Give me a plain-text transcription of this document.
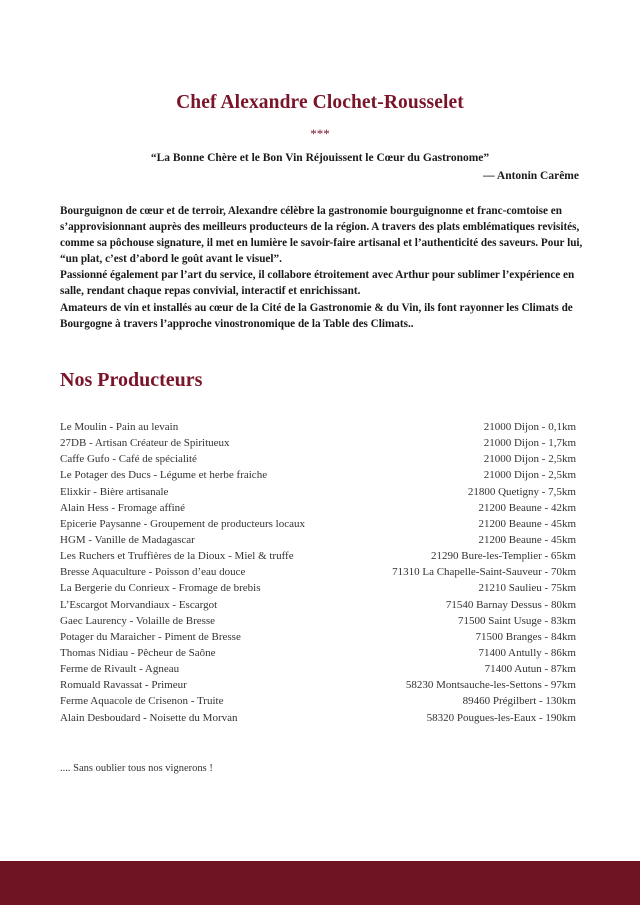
Chef Alexandre Clochet-Rousselet
***
“La Bonne Chère et le Bon Vin Réjouissent le Cœur du Gastronome”
— Antonin Carême

Bourguignon de cœur et de terroir, Alexandre célèbre la gastronomie bourguignonne et franc-comtoise en s’approvisionnant auprès des meilleurs producteurs de la région. A travers des plats emblématiques revisités, comme sa pôchouse signature, il met en lumière le savoir-faire artisanal et l’authenticité des saveurs. Pour lui, “un plat, c’est d’abord le goût avant le visuel”.

Passionné également par l’art du service, il collabore étroitement avec Arthur pour sublimer l’expérience en salle, rendant chaque repas convivial, interactif et enrichissant.

Amateurs de vin et installés au cœur de la Cité de la Gastronomie & du Vin, ils font rayonner les Climats de Bourgogne à travers l’approche vinostronomique de la Table des Climats..

Nos Producteurs
Le Moulin - Pain au levain	21000 Dijon - 0,1km
27DB - Artisan Créateur de Spiritueux	21000 Dijon - 1,7km
Caffe Gufo - Café de spécialité	21000 Dijon - 2,5km
Le Potager des Ducs - Légume et herbe fraiche	21000 Dijon - 2,5km
Elixkir - Bière artisanale	21800 Quetigny - 7,5km
Alain Hess - Fromage affiné	21200 Beaune - 42km
Epicerie Paysanne - Groupement de producteurs locaux	21200 Beaune - 45km
HGM - Vanille de Madagascar	21200 Beaune - 45km
Les Ruchers et Truffières de la Dioux - Miel & truffe	21290 Bure-les-Templier - 65km
Bresse Aquaculture - Poisson d’eau douce	71310 La Chapelle-Saint-Sauveur - 70km
La Bergerie du Conrieux - Fromage de brebis	21210 Saulieu - 75km
L’Escargot Morvandiaux - Escargot	71540 Barnay Dessus - 80km
Gaec Laurency - Volaille de Bresse	71500 Saint Usuge - 83km
Potager du Maraicher - Piment de Bresse	71500 Branges - 84km
Thomas Nidiau - Pêcheur de Saône	71400 Antully - 86km
Ferme de Rivault - Agneau	71400 Autun - 87km
Romuald Ravassat - Primeur	58230 Montsauche-les-Settons - 97km
Ferme Aquacole de Crisenon - Truite	89460 Prégilbert - 130km
Alain Desboudard - Noisette du Morvan	58320 Pougues-les-Eaux - 190km
.... Sans oublier tous nos vignerons !
